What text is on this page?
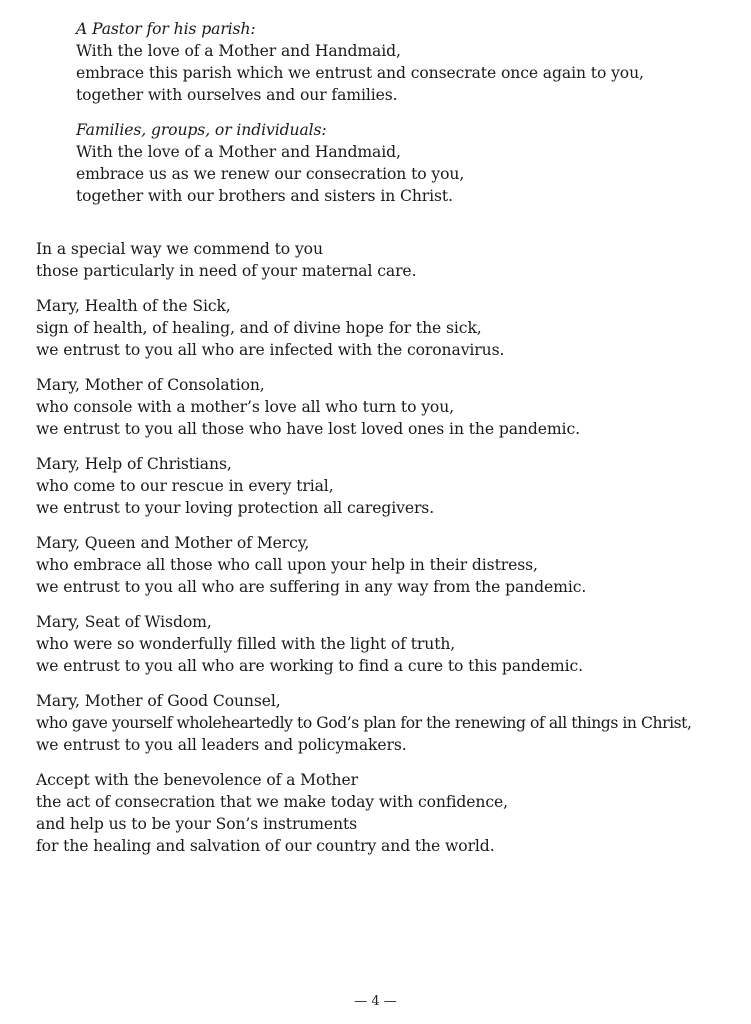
A Pastor for his parish:
With the love of a Mother and Handmaid,
embrace this parish which we entrust and consecrate once again to you,
together with ourselves and our families.
Families, groups, or individuals:
With the love of a Mother and Handmaid,
embrace us as we renew our consecration to you,
together with our brothers and sisters in Christ.
In a special way we commend to you
those particularly in need of your maternal care.
Mary, Health of the Sick,
sign of health, of healing, and of divine hope for the sick,
we entrust to you all who are infected with the coronavirus.
Mary, Mother of Consolation,
who console with a mother’s love all who turn to you,
we entrust to you all those who have lost loved ones in the pandemic.
Mary, Help of Christians,
who come to our rescue in every trial,
we entrust to your loving protection all caregivers.
Mary, Queen and Mother of Mercy,
who embrace all those who call upon your help in their distress,
we entrust to you all who are suffering in any way from the pandemic.
Mary, Seat of Wisdom,
who were so wonderfully filled with the light of truth,
we entrust to you all who are working to find a cure to this pandemic.
Mary, Mother of Good Counsel,
who gave yourself wholeheartedly to God’s plan for the renewing of all things in Christ,
we entrust to you all leaders and policymakers.
Accept with the benevolence of a Mother
the act of consecration that we make today with confidence,
and help us to be your Son’s instruments
for the healing and salvation of our country and the world.
— 4 —
